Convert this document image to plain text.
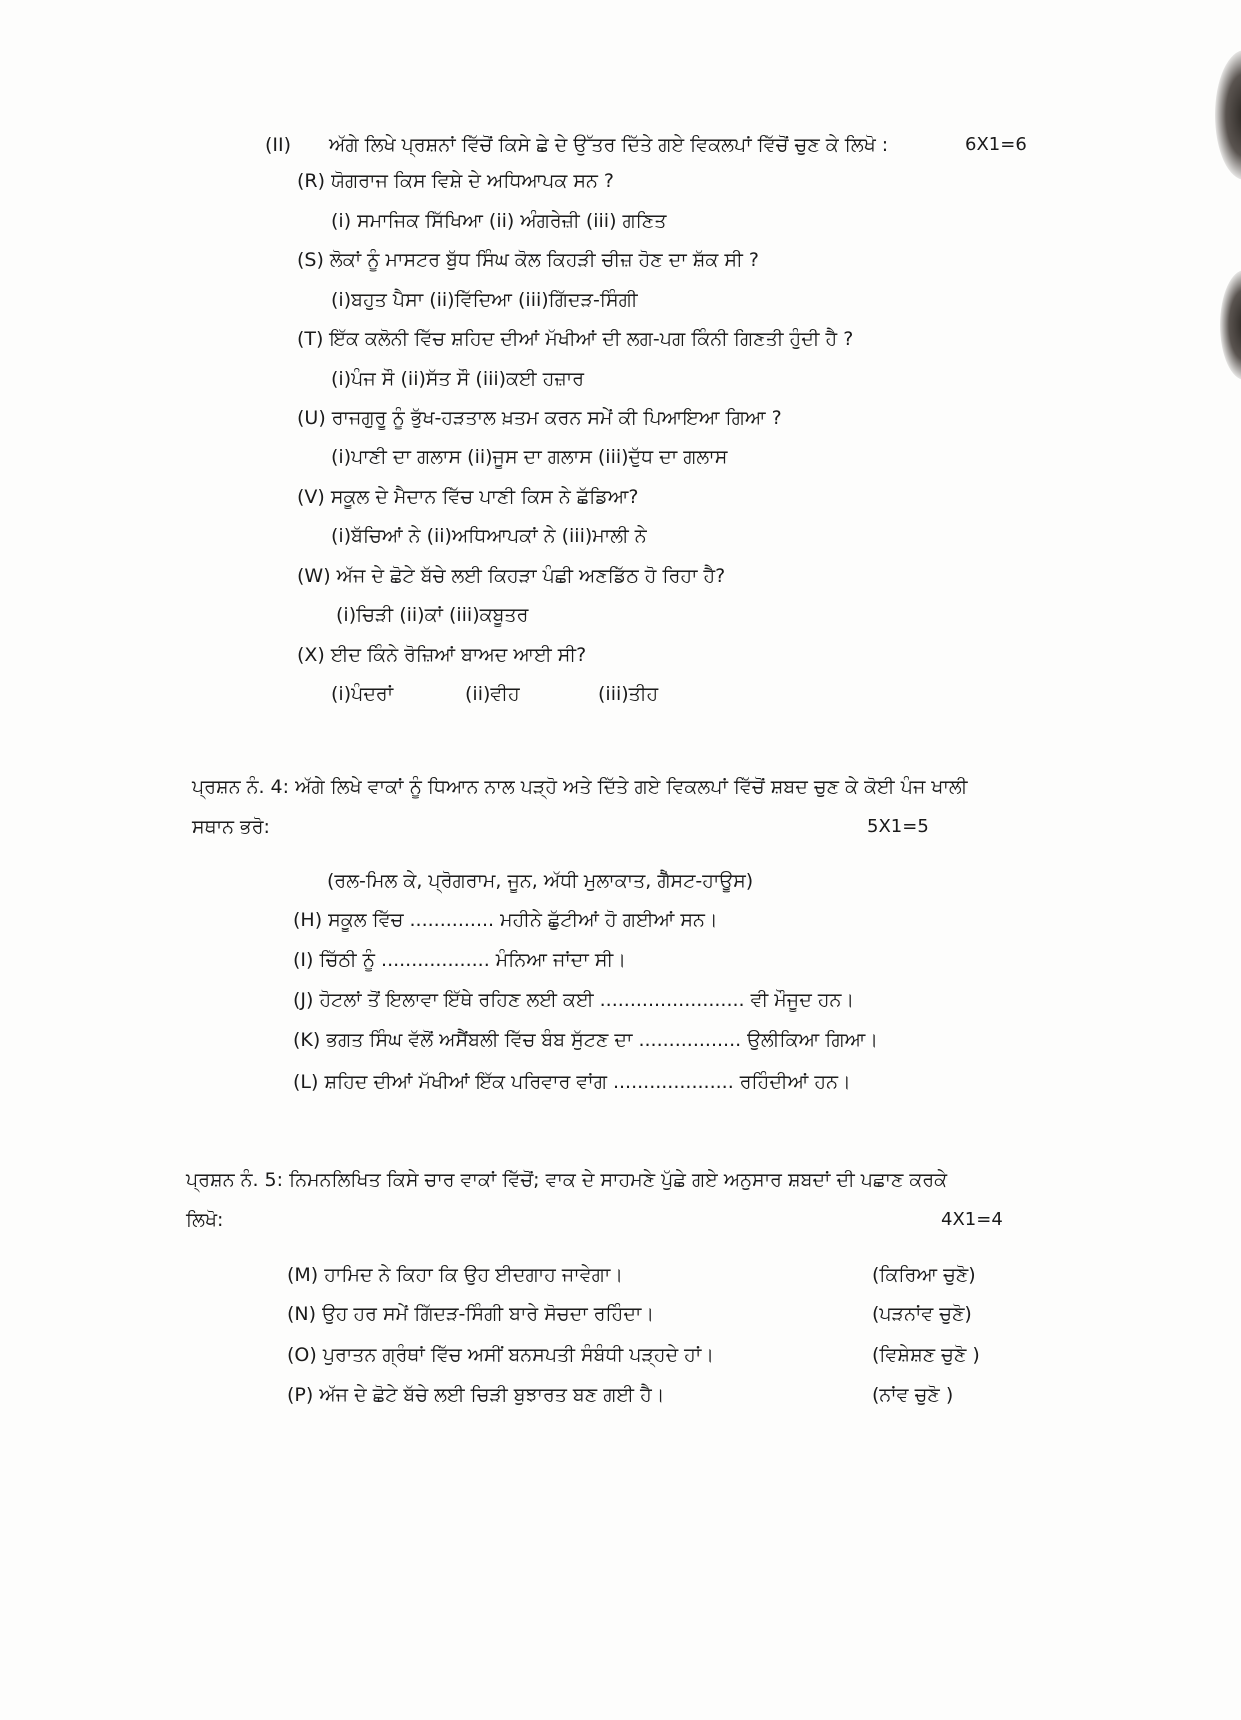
(II) ਅੱਗੇ ਲਿਖੇ ਪ੍ਰਸ਼ਨਾਂ ਵਿੱਚੋਂ ਕਿਸੇ ਛੇ ਦੇ ਉੱਤਰ ਦਿੱਤੇ ਗਏ ਵਿਕਲਪਾਂ ਵਿੱਚੋਂ ਚੁਣ ਕੇ ਲਿਖੋ :	6X1=6
(R) ਯੋਗਰਾਜ ਕਿਸ ਵਿਸ਼ੇ ਦੇ ਅਧਿਆਪਕ ਸਨ ?
(i) ਸਮਾਜਿਕ ਸਿੱਖਿਆ (ii) ਅੰਗਰੇਜ਼ੀ (iii) ਗਣਿਤ
(S) ਲੋਕਾਂ ਨੂੰ ਮਾਸਟਰ ਬੁੱਧ ਸਿੰਘ ਕੋਲ ਕਿਹੜੀ ਚੀਜ਼ ਹੋਣ ਦਾ ਸ਼ੱਕ ਸੀ ?
(i)ਬਹੁਤ ਪੈਸਾ (ii)ਵਿੱਦਿਆ (iii)ਗਿੱਦੜ-ਸਿੰਗੀ
(T) ਇੱਕ ਕਲੋਨੀ ਵਿੱਚ ਸ਼ਹਿਦ ਦੀਆਂ ਮੱਖੀਆਂ ਦੀ ਲਗ-ਪਗ ਕਿੰਨੀ ਗਿਣਤੀ ਹੁੰਦੀ ਹੈ ?
(i)ਪੰਜ ਸੌ (ii)ਸੱਤ ਸੌ (iii)ਕਈ ਹਜ਼ਾਰ
(U) ਰਾਜਗੁਰੂ ਨੂੰ ਭੁੱਖ-ਹੜਤਾਲ ਖ਼ਤਮ ਕਰਨ ਸਮੇਂ ਕੀ ਪਿਆਇਆ ਗਿਆ ?
(i)ਪਾਣੀ ਦਾ ਗਲਾਸ (ii)ਜੂਸ ਦਾ ਗਲਾਸ (iii)ਦੁੱਧ ਦਾ ਗਲਾਸ
(V) ਸਕੂਲ ਦੇ ਮੈਦਾਨ ਵਿੱਚ ਪਾਣੀ ਕਿਸ ਨੇ ਛੱਡਿਆ?
(i)ਬੱਚਿਆਂ ਨੇ (ii)ਅਧਿਆਪਕਾਂ ਨੇ (iii)ਮਾਲੀ ਨੇ
(W) ਅੱਜ ਦੇ ਛੋਟੇ ਬੱਚੇ ਲਈ ਕਿਹੜਾ ਪੰਛੀ ਅਣਡਿੱਠ ਹੋ ਰਿਹਾ ਹੈ?
(i)ਚਿੜੀ (ii)ਕਾਂ (iii)ਕਬੂਤਰ
(X) ਈਦ ਕਿੰਨੇ ਰੋਜ਼ਿਆਂ ਬਾਅਦ ਆਈ ਸੀ?
(i)ਪੰਦਰਾਂ	(ii)ਵੀਹ	(iii)ਤੀਹ
ਪ੍ਰਸ਼ਨ ਨੰ. 4: ਅੱਗੇ ਲਿਖੇ ਵਾਕਾਂ ਨੂੰ ਧਿਆਨ ਨਾਲ ਪੜ੍ਹੋ ਅਤੇ ਦਿੱਤੇ ਗਏ ਵਿਕਲਪਾਂ ਵਿੱਚੋਂ ਸ਼ਬਦ ਚੁਣ ਕੇ ਕੋਈ ਪੰਜ ਖਾਲੀ
ਸਥਾਨ ਭਰੋ:	5X1=5
(ਰਲ-ਮਿਲ ਕੇ, ਪ੍ਰੋਗਰਾਮ, ਜੂਨ, ਅੱਧੀ ਮੁਲਾਕਾਤ, ਗੈੱਸਟ-ਹਾਊਸ)
(H) ਸਕੂਲ ਵਿੱਚ .............. ਮਹੀਨੇ ਛੁੱਟੀਆਂ ਹੋ ਗਈਆਂ ਸਨ।
(I) ਚਿੱਠੀ ਨੂੰ .................. ਮੰਨਿਆ ਜਾਂਦਾ ਸੀ।
(J) ਹੋਟਲਾਂ ਤੋਂ ਇਲਾਵਾ ਇੱਥੇ ਰਹਿਣ ਲਈ ਕਈ ........................ ਵੀ ਮੌਜੂਦ ਹਨ।
(K) ਭਗਤ ਸਿੰਘ ਵੱਲੋਂ ਅਸੈਂਬਲੀ ਵਿੱਚ ਬੰਬ ਸੁੱਟਣ ਦਾ ................. ਉਲੀਕਿਆ ਗਿਆ।
(L) ਸ਼ਹਿਦ ਦੀਆਂ ਮੱਖੀਆਂ ਇੱਕ ਪਰਿਵਾਰ ਵਾਂਗ .................... ਰਹਿੰਦੀਆਂ ਹਨ।
ਪ੍ਰਸ਼ਨ ਨੰ. 5: ਨਿਮਨਲਿਖਿਤ ਕਿਸੇ ਚਾਰ ਵਾਕਾਂ ਵਿੱਚੋਂ; ਵਾਕ ਦੇ ਸਾਹਮਣੇ ਪੁੱਛੇ ਗਏ ਅਨੁਸਾਰ ਸ਼ਬਦਾਂ ਦੀ ਪਛਾਣ ਕਰਕੇ
ਲਿਖੋ:	4X1=4
(M) ਹਾਮਿਦ ਨੇ ਕਿਹਾ ਕਿ ਉਹ ਈਦਗਾਹ ਜਾਵੇਗਾ।	(ਕਿਰਿਆ ਚੁਣੋ)
(N) ਉਹ ਹਰ ਸਮੇਂ ਗਿੱਦੜ-ਸਿੰਗੀ ਬਾਰੇ ਸੋਚਦਾ ਰਹਿੰਦਾ।	(ਪੜਨਾਂਵ ਚੁਣੋ)
(O) ਪੁਰਾਤਨ ਗ੍ਰੰਥਾਂ ਵਿੱਚ ਅਸੀਂ ਬਨਸਪਤੀ ਸੰਬੰਧੀ ਪੜ੍ਹਦੇ ਹਾਂ।	(ਵਿਸ਼ੇਸ਼ਣ ਚੁਣੋ )
(P) ਅੱਜ ਦੇ ਛੋਟੇ ਬੱਚੇ ਲਈ ਚਿੜੀ ਬੁਝਾਰਤ ਬਣ ਗਈ ਹੈ।	(ਨਾਂਵ ਚੁਣੋ )
